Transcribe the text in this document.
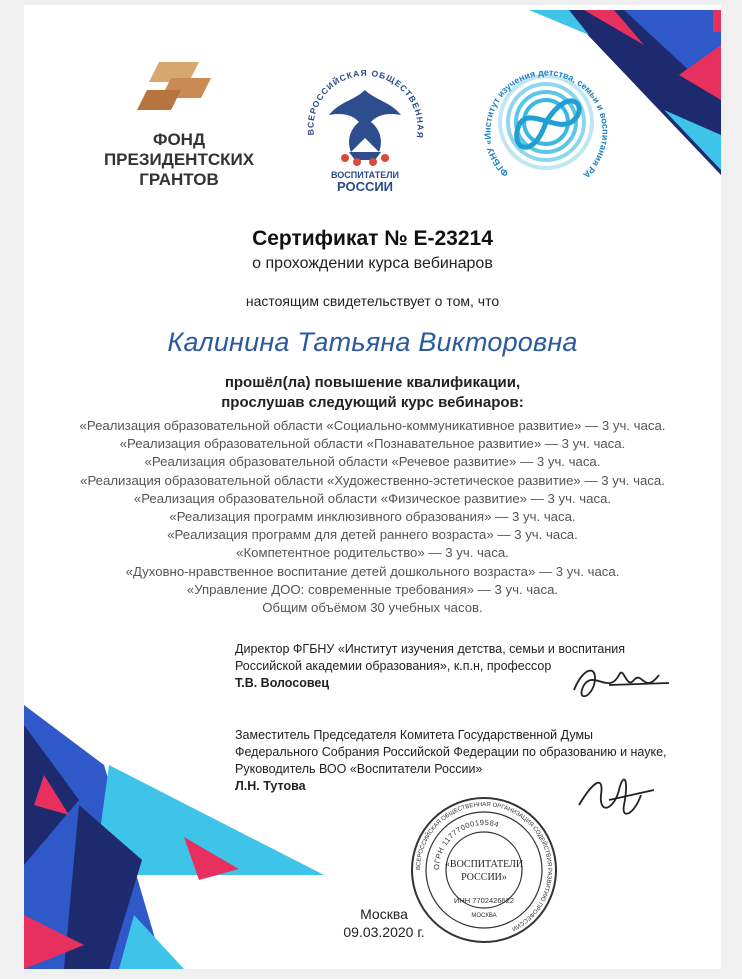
ФОНД
ПРЕЗИДЕНТСКИХ
ГРАНТОВ
ВСЕРОССИЙСКАЯ ОБЩЕСТВЕННАЯ
ВОСПИТАТЕЛИ
РОССИИ
ФГБНУ «Институт изучения детства, семьи и воспитания РА
Сертификат № E-23214
о прохождении курса вебинаров
настоящим свидетельствует о том, что
Калинина Татьяна Викторовна
прошёл(ла) повышение квалификации,
прослушав следующий курс вебинаров:
«Реализация образовательной области «Социально-коммуникативное развитие» — 3 уч. часа.
«Реализация образовательной области «Познавательное развитие» — 3 уч. часа.
«Реализация образовательной области «Речевое развитие» — 3 уч. часа.
«Реализация образовательной области «Художественно-эстетическое развитие» — 3 уч. часа.
«Реализация образовательной области «Физическое развитие» — 3 уч. часа.
«Реализация программ инклюзивного образования» — 3 уч. часа.
«Реализация программ для детей раннего возраста» — 3 уч. часа.
«Компетентное родительство» — 3 уч. часа.
«Духовно-нравственное воспитание детей дошкольного возраста» — 3 уч. часа.
«Управление ДОО: современные требования» — 3 уч. часа.
Общим объёмом 30 учебных часов.
Директор ФГБНУ «Институт изучения детства, семьи и воспитания
Российской академии образования», к.п.н, профессор
Т.В. Волосовец
Заместитель Председателя Комитета Государственной Думы
Федерального Собрания Российской Федерации по образованию и науке,
Руководитель ВОО «Воспитатели России»
Л.Н. Тутова
ВСЕРОССИЙСКАЯ ОБЩЕСТВЕННАЯ ОРГАНИЗАЦИЯ СОДЕЙСТВИЯ РАЗВИТИЮ ПРОФЕССИИ
ОГРН 1177700019584
«ВОСПИТАТЕЛИ
РОССИИ»
ИНН 7702426622
МОСКВА
Москва
09.03.2020 г.
